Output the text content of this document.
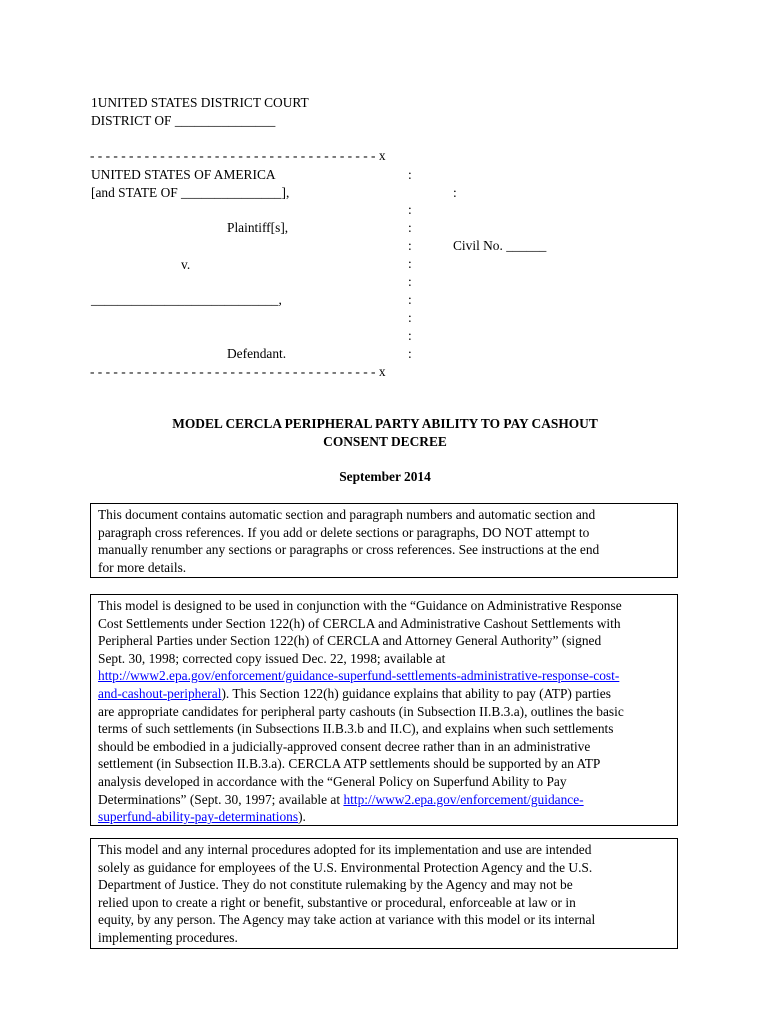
1UNITED STATES DISTRICT COURT
DISTRICT OF _______________
- - - - - - - - - - - - - - - - - - - - - - - - - - - - - - - - - - - - - x
UNITED STATES OF AMERICA
[and STATE OF _______________],
Plaintiff[s],
v.
____________________________,
Defendant.
- - - - - - - - - - - - - - - - - - - - - - - - - - - - - - - - - - - - - x
:
:
:
:
:
:
:
:
:
:
:
Civil No. ______
MODEL CERCLA PERIPHERAL PARTY ABILITY TO PAY CASHOUT
CONSENT DECREE
September 2014

This document contains automatic section and paragraph numbers and automatic section and

paragraph cross references. If you add or delete sections or paragraphs, DO NOT attempt to

manually renumber any sections or paragraphs or cross references. See instructions at the end

for more details.

This model is designed to be used in conjunction with the “Guidance on Administrative Response

Cost Settlements under Section 122(h) of CERCLA and Administrative Cashout Settlements with

Peripheral Parties under Section 122(h) of CERCLA and Attorney General Authority” (signed

Sept. 30, 1998; corrected copy issued Dec. 22, 1998; available at

http://www2.epa.gov/enforcement/guidance-superfund-settlements-administrative-response-cost-

and-cashout-peripheral). This Section 122(h) guidance explains that ability to pay (ATP) parties

are appropriate candidates for peripheral party cashouts (in Subsection II.B.3.a), outlines the basic

terms of such settlements (in Subsections II.B.3.b and II.C), and explains when such settlements

should be embodied in a judicially-approved consent decree rather than in an administrative

settlement (in Subsection II.B.3.a). CERCLA ATP settlements should be supported by an ATP

analysis developed in accordance with the “General Policy on Superfund Ability to Pay

Determinations” (Sept. 30, 1997; available at http://www2.epa.gov/enforcement/guidance-

superfund-ability-pay-determinations).

This model and any internal procedures adopted for its implementation and use are intended

solely as guidance for employees of the U.S. Environmental Protection Agency and the U.S.

Department of Justice. They do not constitute rulemaking by the Agency and may not be

relied upon to create a right or benefit, substantive or procedural, enforceable at law or in

equity, by any person. The Agency may take action at variance with this model or its internal

implementing procedures.
